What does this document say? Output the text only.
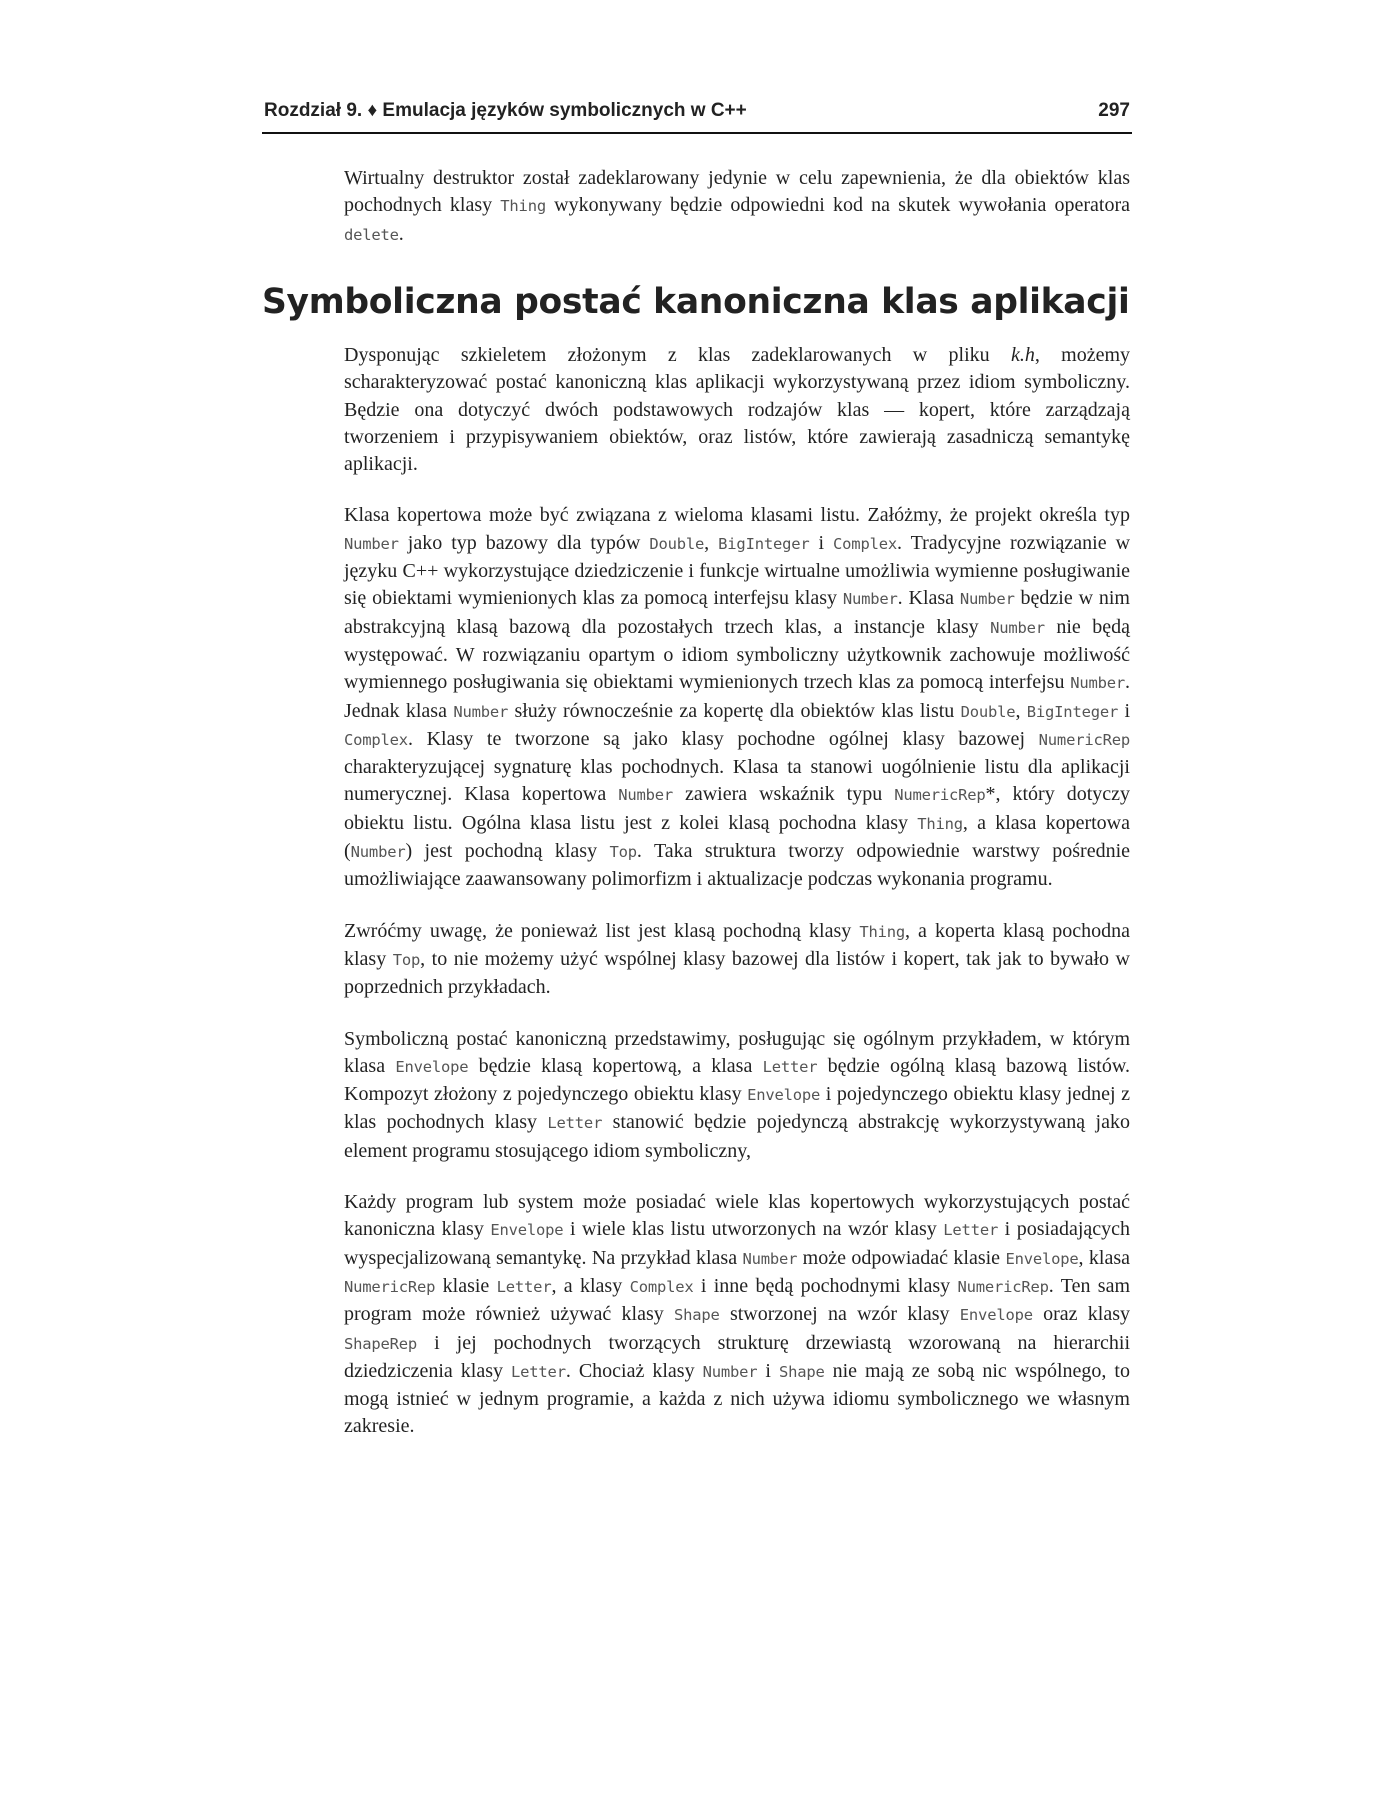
Rozdział 9. ♦ Emulacja języków symbolicznych w C++	297

Wirtualny destruktor został zadeklarowany jedynie w celu zapewnienia, że dla obiektów klas pochodnych klasy Thing wykonywany będzie odpowiedni kod na skutek wywołania operatora delete.

Symboliczna postać kanoniczna klas aplikacji

Dysponując szkieletem złożonym z klas zadeklarowanych w pliku k.h, możemy scharakteryzować postać kanoniczną klas aplikacji wykorzystywaną przez idiom symboliczny. Będzie ona dotyczyć dwóch podstawowych rodzajów klas — kopert, które zarządzają tworzeniem i przypisywaniem obiektów, oraz listów, które zawierają zasadniczą semantykę aplikacji.

Klasa kopertowa może być związana z wieloma klasami listu. Załóżmy, że projekt określa typ Number jako typ bazowy dla typów Double, BigInteger i Complex. Tradycyjne rozwiązanie w języku C++ wykorzystujące dziedziczenie i funkcje wirtualne umożliwia wymienne posługiwanie się obiektami wymienionych klas za pomocą interfejsu klasy Number. Klasa Number będzie w nim abstrakcyjną klasą bazową dla pozostałych trzech klas, a instancje klasy Number nie będą występować. W rozwiązaniu opartym o idiom symboliczny użytkownik zachowuje możliwość wymiennego posługiwania się obiektami wymienionych trzech klas za pomocą interfejsu Number. Jednak klasa Number służy równocześnie za kopertę dla obiektów klas listu Double, BigInteger i Complex. Klasy te tworzone są jako klasy pochodne ogólnej klasy bazowej NumericRep charakteryzującej sygnaturę klas pochodnych. Klasa ta stanowi uogólnienie listu dla aplikacji numerycznej. Klasa kopertowa Number zawiera wskaźnik typu NumericRep*, który dotyczy obiektu listu. Ogólna klasa listu jest z kolei klasą pochodna klasy Thing, a klasa kopertowa (Number) jest pochodną klasy Top. Taka struktura tworzy odpowiednie warstwy pośrednie umożliwiające zaawansowany polimorfizm i aktualizacje podczas wykonania programu.

Zwróćmy uwagę, że ponieważ list jest klasą pochodną klasy Thing, a koperta klasą pochodna klasy Top, to nie możemy użyć wspólnej klasy bazowej dla listów i kopert, tak jak to bywało w poprzednich przykładach.

Symboliczną postać kanoniczną przedstawimy, posługując się ogólnym przykładem, w którym klasa Envelope będzie klasą kopertową, a klasa Letter będzie ogólną klasą bazową listów. Kompozyt złożony z pojedynczego obiektu klasy Envelope i pojedynczego obiektu klasy jednej z klas pochodnych klasy Letter stanowić będzie pojedynczą abstrakcję wykorzystywaną jako element programu stosującego idiom symboliczny,

Każdy program lub system może posiadać wiele klas kopertowych wykorzystujących postać kanoniczna klasy Envelope i wiele klas listu utworzonych na wzór klasy Letter i posiadających wyspecjalizowaną semantykę. Na przykład klasa Number może odpowiadać klasie Envelope, klasa NumericRep klasie Letter, a klasy Complex i inne będą pochodnymi klasy NumericRep. Ten sam program może również używać klasy Shape stworzonej na wzór klasy Envelope oraz klasy ShapeRep i jej pochodnych tworzących strukturę drzewiastą wzorowaną na hierarchii dziedziczenia klasy Letter. Chociaż klasy Number i Shape nie mają ze sobą nic wspólnego, to mogą istnieć w jednym programie, a każda z nich używa idiomu symbolicznego we własnym zakresie.
